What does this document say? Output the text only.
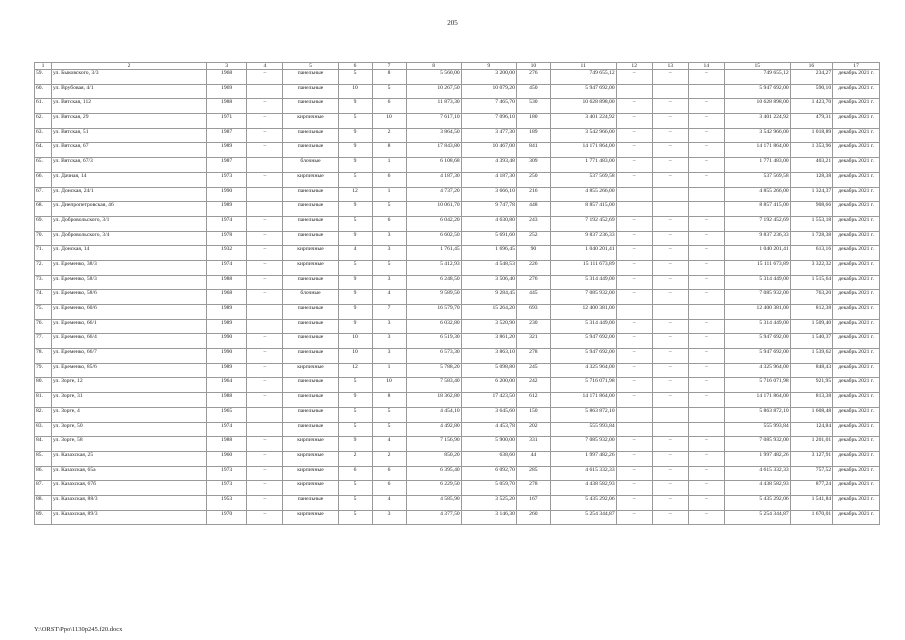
205
1	2	3	4	5	6	7	8	9	10	11	12	13	14	15	16	17
59.	ул. Быковского, 3/3	1968	–	панельные	5	8	5 560,00	3 200,00	276	749 655,12	–	–	–	749 655,12	234,27	декабрь 2021 г.
60.	ул. Врубовая, 4/1	1969		панельные	10	5	10 267,50	10 079,20	450	5 947 692,00				5 947 692,00	590,10	декабрь 2021 г.
61.	ул. Вятская, 112	1988	–	панельные	9	6	11 873,30	7 465,70	530	10 628 898,00	–	–	–	10 628 898,00	1 423,70	декабрь 2021 г.
62.	ул. Вятская, 29	1971	–	кирпичные	5	10	7 617,10	7 096,10	180	3 401 224,92	–	–	–	3 401 224,92	479,31	декабрь 2021 г.
63.	ул. Вятская, 51	1987	–	панельные	9	2	3 864,50	3 477,30	189	3 542 966,00	–	–	–	3 542 966,00	1 018,89	декабрь 2021 г.
64.	ул. Вятская, 67	1989	–	панельные	9	8	17 843,80	10 467,00	841	14 171 864,00	–	–	–	14 171 864,00	1 353,96	декабрь 2021 г.
65.	ул. Вятская, 67/3	1987		блочные	9	1	6 108,68	4 393,48	309	1 771 483,00	–	–	–	1 771 483,00	403,21	декабрь 2021 г.
66.	ул. Дачная, 14	1973	–	кирпичные	5	6	4 187,30	4 187,30	250	537 569,58	–	–	–	537 569,58	128,38	декабрь 2021 г.
67.	ул. Донская, 24/1	1990		панельные	12	1	4 737,20	3 666,10	216	4 855 266,00				4 855 266,00	1 324,37	декабрь 2021 г.
68.	ул. Днепропетровская, 46	1989		панельные	9	5	10 061,70	9 747,78	448	8 857 415,00				8 857 415,00	908,66	декабрь 2021 г.
69.	ул. Добровольского, 3/1	1974	–	панельные	5	6	6 042,20	4 630,80	243	7 192 452,69	–	–	–	7 192 452,69	1 553,18	декабрь 2021 г.
70.	ул. Добровольского, 3/4	1978	–	панельные	9	3	6 602,50	5 691,60	252	9 837 236,33	–	–	–	9 837 236,33	1 728,38	декабрь 2021 г.
71.	ул. Донская, 14	1932	–	кирпичные	4	3	1 761,45	1 696,45	90	1 040 201,41	–	–	–	1 040 201,41	613,16	декабрь 2021 г.
72.	ул. Еременко, 38/3	1974	–	кирпичные	5	5	5 412,93	4 548,53	226	15 111 673,89	–	–	–	15 111 673,89	3 322,32	декабрь 2021 г.
73.	ул. Еременко, 58/3	1988	–	панельные	9	3	6 248,50	3 506,40	276	5 314 449,00	–	–	–	5 314 449,00	1 515,64	декабрь 2021 г.
74.	ул. Еременко, 58/6	1968	–	блочные	9	4	9 589,50	9 284,45	445	7 085 932,00	–	–	–	7 085 932,00	763,20	декабрь 2021 г.
75.	ул. Еременко, 60/6	1989		панельные	9	7	16 579,70	15 264,20	693	12 400 381,00				12 400 381,00	812,38	декабрь 2021 г.
76.	ул. Еременко, 66/1	1989		панельные	9	3	6 032,80	3 520,90	230	5 314 449,00	–	–	–	5 314 449,00	1 509,40	декабрь 2021 г.
77.	ул. Еременко, 66/4	1990	–	панельные	10	3	6 519,30	3 861,20	321	5 947 692,00	–	–	–	5 947 692,00	1 540,37	декабрь 2021 г.
78.	ул. Еременко, 66/7	1990	–	панельные	10	3	6 573,30	3 863,10	278	5 947 692,00	–	–	–	5 947 692,00	1 539,62	декабрь 2021 г.
79.	ул. Еременко, 85/6	1989	–	кирпичные	12	1	5 788,20	5 098,80	245	4 325 964,00	–	–	–	4 325 964,00	848,43	декабрь 2021 г.
80.	ул. Зорге, 12	1964	–	панельные	5	10	7 583,40	6 200,00	242	5 716 071,98	–	–	–	5 716 071,98	921,95	декабрь 2021 г.
81.	ул. Зорге, 31	1988	–	панельные	9	8	18 362,80	17 423,50	612	14 171 864,00	–	–	–	14 171 864,00	813,38	декабрь 2021 г.
82.	ул. Зорге, 4	1965		панельные	5	5	4 454,10	3 645,60	150	5 863 872,10				5 863 872,10	1 608,48	декабрь 2021 г.
83.	ул. Зорге, 50	1974		панельные	5	5	4 492,80	4 453,78	202	555 993,84				555 993,84	124,84	декабрь 2021 г.
84.	ул. Зорге, 58	1988	–	кирпичные	9	4	7 156,90	5 900,00	331	7 085 932,00	–	–	–	7 085 932,00	1 201,01	декабрь 2021 г.
85.	ул. Казахская, 25	1960	–	кирпичные	2	2	850,20	638,60	44	1 997 482,26	–	–	–	1 997 482,26	3 127,91	декабрь 2021 г.
86.	ул. Казахская, 65а	1973	–	кирпичные	6	6	6 395,40	6 092,70	285	4 615 332,33	–	–	–	4 615 332,33	757,52	декабрь 2021 г.
87.	ул. Казахская, 67б	1973	–	кирпичные	5	6	6 229,50	5 059,70	278	4 438 582,93	–	–	–	4 438 582,93	877,24	декабрь 2021 г.
88.	ул. Казахская, 88/3	1953	–	панельные	5	4	4 585,90	3 525,20	167	5 435 292,06	–	–	–	5 435 292,06	1 541,84	декабрь 2021 г.
89.	ул. Казахская, 89/3	1970	–	кирпичные	5	3	4 377,50	3 146,30	260	5 254 344,87	–	–	–	5 254 344,87	1 670,01	декабрь 2021 г.
Y:\ORST\Ppo\1130p245.f20.docx
